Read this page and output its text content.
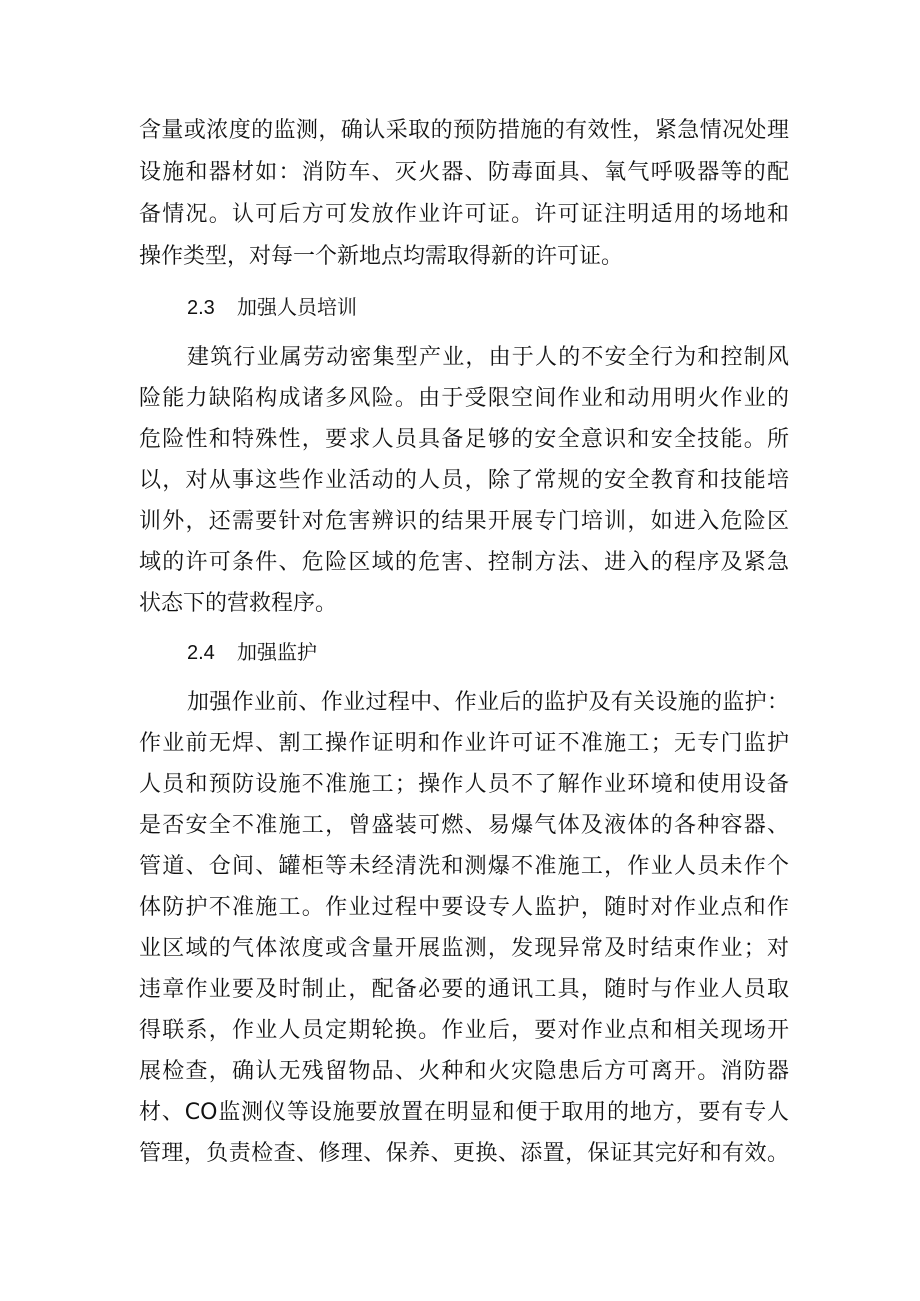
含量或浓度的监测，确认采取的预防措施的有效性，紧急情况处理
设施和器材如：消防车、灭火器、防毒面具、氧气呼吸器等的配
备情况。认可后方可发放作业许可证。许可证注明适用的场地和
操作类型，对每一个新地点均需取得新的许可证。
2.3 加强人员培训
建筑行业属劳动密集型产业，由于人的不安全行为和控制风
险能力缺陷构成诸多风险。由于受限空间作业和动用明火作业的
危险性和特殊性，要求人员具备足够的安全意识和安全技能。所
以，对从事这些作业活动的人员，除了常规的安全教育和技能培
训外，还需要针对危害辨识的结果开展专门培训，如进入危险区
域的许可条件、危险区域的危害、控制方法、进入的程序及紧急
状态下的营救程序。
2.4 加强监护
加强作业前、作业过程中、作业后的监护及有关设施的监护：
作业前无焊、割工操作证明和作业许可证不准施工；无专门监护
人员和预防设施不准施工；操作人员不了解作业环境和使用设备
是否安全不准施工，曾盛装可燃、易爆气体及液体的各种容器、
管道、仓间、罐柜等未经清洗和测爆不准施工，作业人员未作个
体防护不准施工。作业过程中要设专人监护，随时对作业点和作
业区域的气体浓度或含量开展监测，发现异常及时结束作业；对
违章作业要及时制止，配备必要的通讯工具，随时与作业人员取
得联系，作业人员定期轮换。作业后，要对作业点和相关现场开
展检查，确认无残留物品、火种和火灾隐患后方可离开。消防器
材、CO监测仪等设施要放置在明显和便于取用的地方，要有专人
管理，负责检查、修理、保养、更换、添置，保证其完好和有效。
